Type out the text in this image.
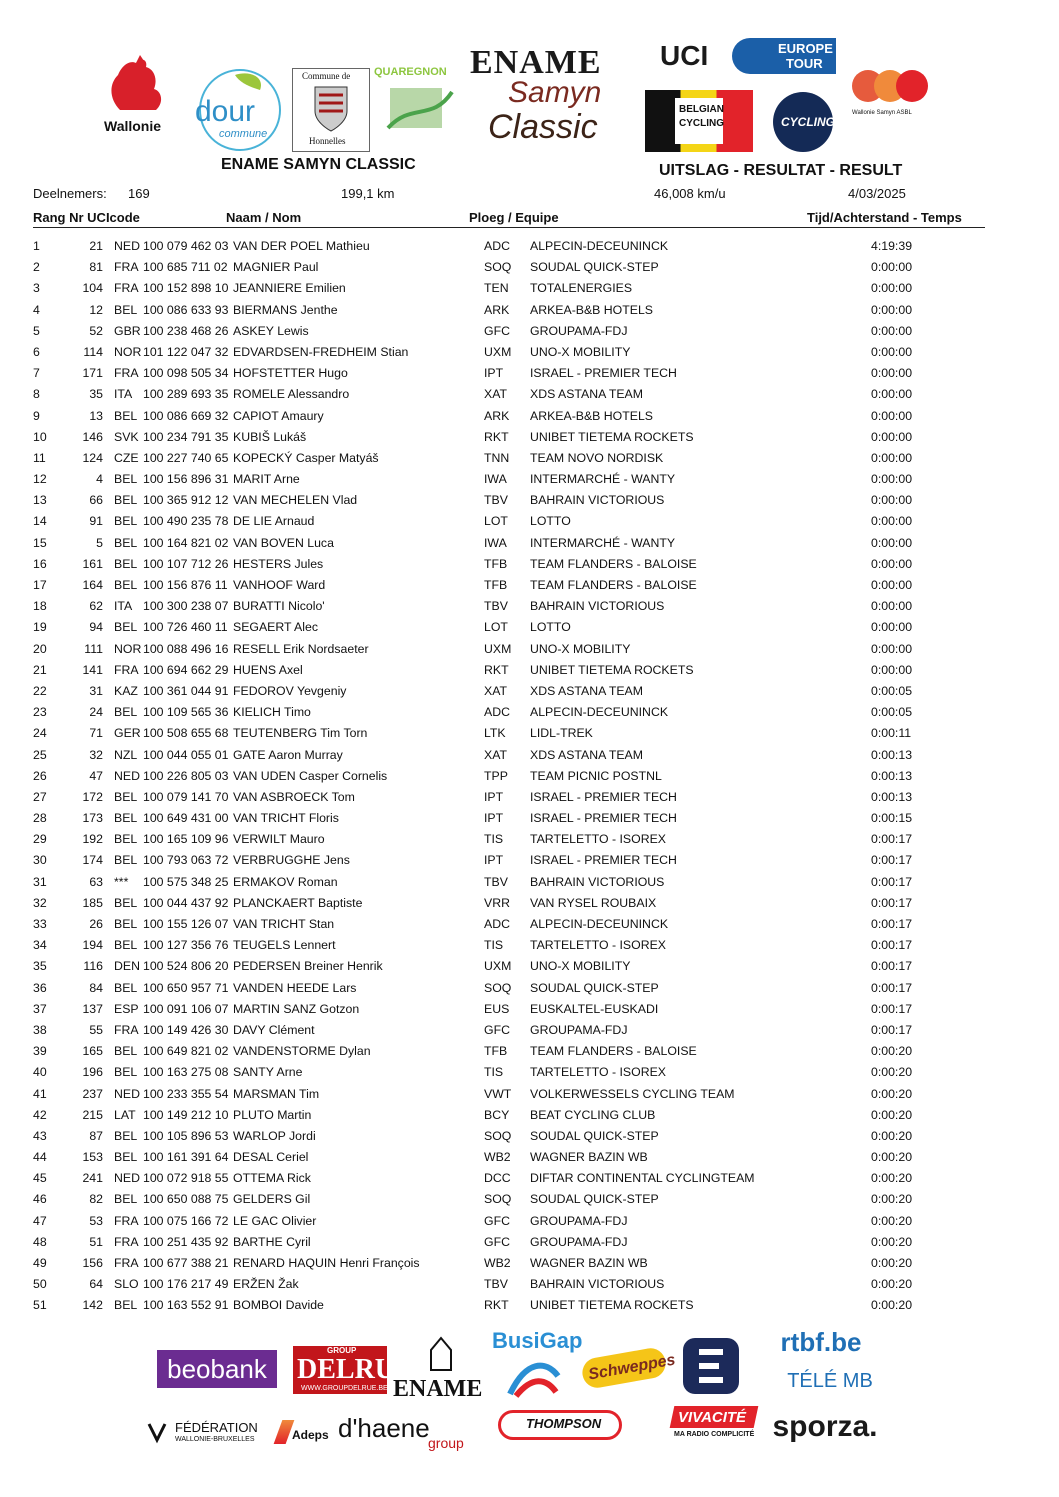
Wallonie dour
commune
Commune de
Honnelles
QUAREGNON ENAME
Samyn
Classic
UCI	EUROPE
TOUR
BELGIAN
CYCLING	CYCLING
Wallonie Samyn ASBL
ENAME SAMYN CLASSIC	UITSLAG - RESULTAT - RESULT
Deelnemers: 169	199,1 km	46,008 km/u	4/03/2025
Rang Nr UCIcode	Naam / Nom	Ploeg / Equipe	Tijd/Achterstand - Temps
1	21 NED 100 079 462 03 VAN DER POEL Mathieu	ADC ALPECIN-DECEUNINCK	4:19:39
2	81 FRA 100 685 711 02 MAGNIER Paul	SOQ SOUDAL QUICK-STEP	0:00:00
3	104 FRA 100 152 898 10 JEANNIERE Emilien	TEN TOTALENERGIES	0:00:00
4	12 BEL 100 086 633 93 BIERMANS Jenthe	ARK ARKEA-B&B HOTELS	0:00:00
5	52 GBR 100 238 468 26 ASKEY Lewis	GFC GROUPAMA-FDJ	0:00:00
6	114 NOR 101 122 047 32 EDVARDSEN-FREDHEIM Stian	UXM UNO-X MOBILITY	0:00:00
7	171 FRA 100 098 505 34 HOFSTETTER Hugo	IPT ISRAEL - PREMIER TECH	0:00:00
8	35 ITA 100 289 693 35 ROMELE Alessandro	XAT XDS ASTANA TEAM	0:00:00
9	13 BEL 100 086 669 32 CAPIOT Amaury	ARK ARKEA-B&B HOTELS	0:00:00
10	146 SVK 100 234 791 35 KUBIŠ Lukáš	RKT UNIBET TIETEMA ROCKETS	0:00:00
11	124 CZE 100 227 740 65 KOPECKÝ Casper Matyáš	TNN TEAM NOVO NORDISK	0:00:00
12	4 BEL 100 156 896 31 MARIT Arne	IWA INTERMARCHÉ - WANTY	0:00:00
13	66 BEL 100 365 912 12 VAN MECHELEN Vlad	TBV BAHRAIN VICTORIOUS	0:00:00
14	91 BEL 100 490 235 78 DE LIE Arnaud	LOT LOTTO	0:00:00
15	5 BEL 100 164 821 02 VAN BOVEN Luca	IWA INTERMARCHÉ - WANTY	0:00:00
16	161 BEL 100 107 712 26 HESTERS Jules	TFB TEAM FLANDERS - BALOISE	0:00:00
17	164 BEL 100 156 876 11 VANHOOF Ward	TFB TEAM FLANDERS - BALOISE	0:00:00
18	62 ITA 100 300 238 07 BURATTI Nicolo'	TBV BAHRAIN VICTORIOUS	0:00:00
19	94 BEL 100 726 460 11 SEGAERT Alec	LOT LOTTO	0:00:00
20	111 NOR 100 088 496 16 RESELL Erik Nordsaeter	UXM UNO-X MOBILITY	0:00:00
21	141 FRA 100 694 662 29 HUENS Axel	RKT UNIBET TIETEMA ROCKETS	0:00:00
22	31 KAZ 100 361 044 91 FEDOROV Yevgeniy	XAT XDS ASTANA TEAM	0:00:05
23	24 BEL 100 109 565 36 KIELICH Timo	ADC ALPECIN-DECEUNINCK	0:00:05
24	71 GER 100 508 655 68 TEUTENBERG Tim Torn	LTK LIDL-TREK	0:00:11
25	32 NZL 100 044 055 01 GATE Aaron Murray	XAT XDS ASTANA TEAM	0:00:13
26	47 NED 100 226 805 03 VAN UDEN Casper Cornelis	TPP TEAM PICNIC POSTNL	0:00:13
27	172 BEL 100 079 141 70 VAN ASBROECK Tom	IPT ISRAEL - PREMIER TECH	0:00:13
28	173 BEL 100 649 431 00 VAN TRICHT Floris	IPT ISRAEL - PREMIER TECH	0:00:15
29	192 BEL 100 165 109 96 VERWILT Mauro	TIS TARTELETTO - ISOREX	0:00:17
30	174 BEL 100 793 063 72 VERBRUGGHE Jens	IPT ISRAEL - PREMIER TECH	0:00:17
31	63 *** 100 575 348 25 ERMAKOV Roman	TBV BAHRAIN VICTORIOUS	0:00:17
32	185 BEL 100 044 437 92 PLANCKAERT Baptiste	VRR VAN RYSEL ROUBAIX	0:00:17
33	26 BEL 100 155 126 07 VAN TRICHT Stan	ADC ALPECIN-DECEUNINCK	0:00:17
34	194 BEL 100 127 356 76 TEUGELS Lennert	TIS TARTELETTO - ISOREX	0:00:17
35	116 DEN 100 524 806 20 PEDERSEN Breiner Henrik	UXM UNO-X MOBILITY	0:00:17
36	84 BEL 100 650 957 71 VANDEN HEEDE Lars	SOQ SOUDAL QUICK-STEP	0:00:17
37	137 ESP 100 091 106 07 MARTIN SANZ Gotzon	EUS EUSKALTEL-EUSKADI	0:00:17
38	55 FRA 100 149 426 30 DAVY Clément	GFC GROUPAMA-FDJ	0:00:17
39	165 BEL 100 649 821 02 VANDENSTORME Dylan	TFB TEAM FLANDERS - BALOISE	0:00:20
40	196 BEL 100 163 275 08 SANTY Arne	TIS TARTELETTO - ISOREX	0:00:20
41	237 NED 100 233 355 54 MARSMAN Tim	VWT VOLKERWESSELS CYCLING TEAM	0:00:20
42	215 LAT 100 149 212 10 PLUTO Martin	BCY BEAT CYCLING CLUB	0:00:20
43	87 BEL 100 105 896 53 WARLOP Jordi	SOQ SOUDAL QUICK-STEP	0:00:20
44	153 BEL 100 161 391 64 DESAL Ceriel	WB2 WAGNER BAZIN WB	0:00:20
45	241 NED 100 072 918 55 OTTEMA Rick	DCC DIFTAR CONTINENTAL CYCLINGTEAM	0:00:20
46	82 BEL 100 650 088 75 GELDERS Gil	SOQ SOUDAL QUICK-STEP	0:00:20
47	53 FRA 100 075 166 72 LE GAC Olivier	GFC GROUPAMA-FDJ	0:00:20
48	51 FRA 100 251 435 92 BARTHE Cyril	GFC GROUPAMA-FDJ	0:00:20
49	156 FRA 100 677 388 21 RENARD HAQUIN Henri François	WB2 WAGNER BAZIN WB	0:00:20
50	64 SLO 100 176 217 49 ERŽEN Žak	TBV BAHRAIN VICTORIOUS	0:00:20
51	142 BEL 100 163 552 91 BOMBOI Davide	RKT UNIBET TIETEMA ROCKETS	0:00:20
beobank
GROUP
DELRUE
WWW.GROUPDELRUE.BE ENAME
BusiGap
Schweppes
rtbf.be
TÉLÉ MB
FÉDÉRATION
WALLONIE-BRUXELLES	Adeps d'haene
group
THOMPSON	VIVACITÉ
MA RADIO COMPLICITÉ sporza.
